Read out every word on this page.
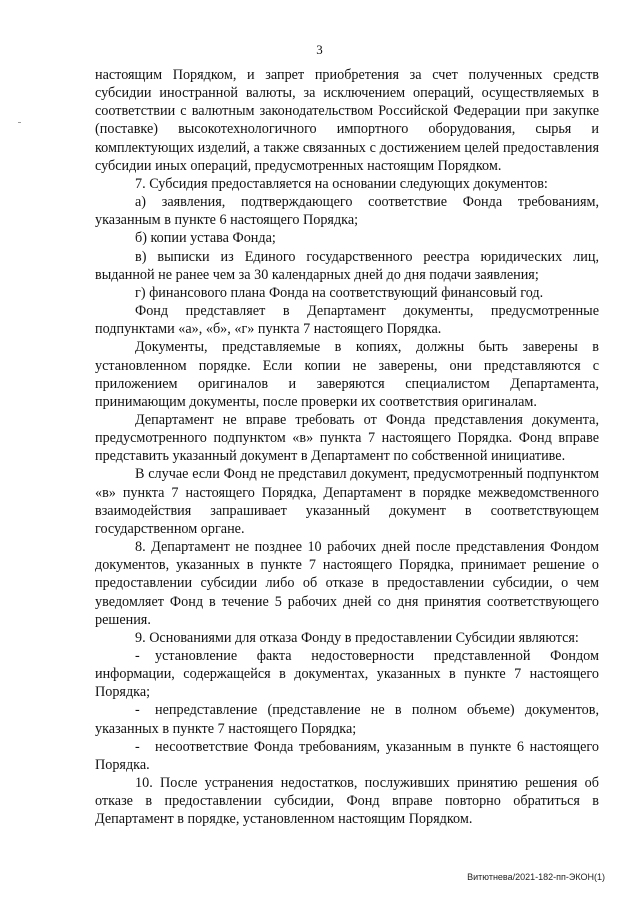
3

настоящим Порядком, и запрет приобретения за счет полученных средств субсидии иностранной валюты, за исключением операций, осуществляемых в соответствии с валютным законодательством Российской Федерации при закупке (поставке) высокотехнологичного импортного оборудования, сырья и комплектующих изделий, а также связанных с достижением целей предоставления субсидии иных операций, предусмотренных настоящим Порядком.

7. Субсидия предоставляется на основании следующих документов:

а) заявления, подтверждающего соответствие Фонда требованиям, указанным в пункте 6 настоящего Порядка;

б) копии устава Фонда;

в) выписки из Единого государственного реестра юридических лиц, выданной не ранее чем за 30 календарных дней до дня подачи заявления;

г) финансового плана Фонда на соответствующий финансовый год.

Фонд представляет в Департамент документы, предусмотренные подпунктами «а», «б», «г» пункта 7 настоящего Порядка.

Документы, представляемые в копиях, должны быть заверены в установленном порядке. Если копии не заверены, они представляются с приложением оригиналов и заверяются специалистом Департамента, принимающим документы, после проверки их соответствия оригиналам.

Департамент не вправе требовать от Фонда представления документа, предусмотренного подпунктом «в» пункта 7 настоящего Порядка. Фонд вправе представить указанный документ в Департамент по собственной инициативе.

В случае если Фонд не представил документ, предусмотренный подпунктом «в» пункта 7 настоящего Порядка, Департамент в порядке межведомственного взаимодействия запрашивает указанный документ в соответствующем государственном органе.

8. Департамент не позднее 10 рабочих дней после представления Фондом документов, указанных в пункте 7 настоящего Порядка, принимает решение о предоставлении субсидии либо об отказе в предоставлении субсидии, о чем уведомляет Фонд в течение 5 рабочих дней со дня принятия соответствующего решения.

9. Основаниями для отказа Фонду в предоставлении Субсидии являются:

- установление факта недостоверности представленной Фондом информации, содержащейся в документах, указанных в пункте 7 настоящего Порядка;

- непредставление (представление не в полном объеме) документов, указанных в пункте 7 настоящего Порядка;

- несоответствие Фонда требованиям, указанным в пункте 6 настоящего Порядка.

10. После устранения недостатков, послуживших принятию решения об отказе в предоставлении субсидии, Фонд вправе повторно обратиться в Департамент в порядке, установленном настоящим Порядком.

Витютнева/2021-182-пп-ЭКОН(1)
